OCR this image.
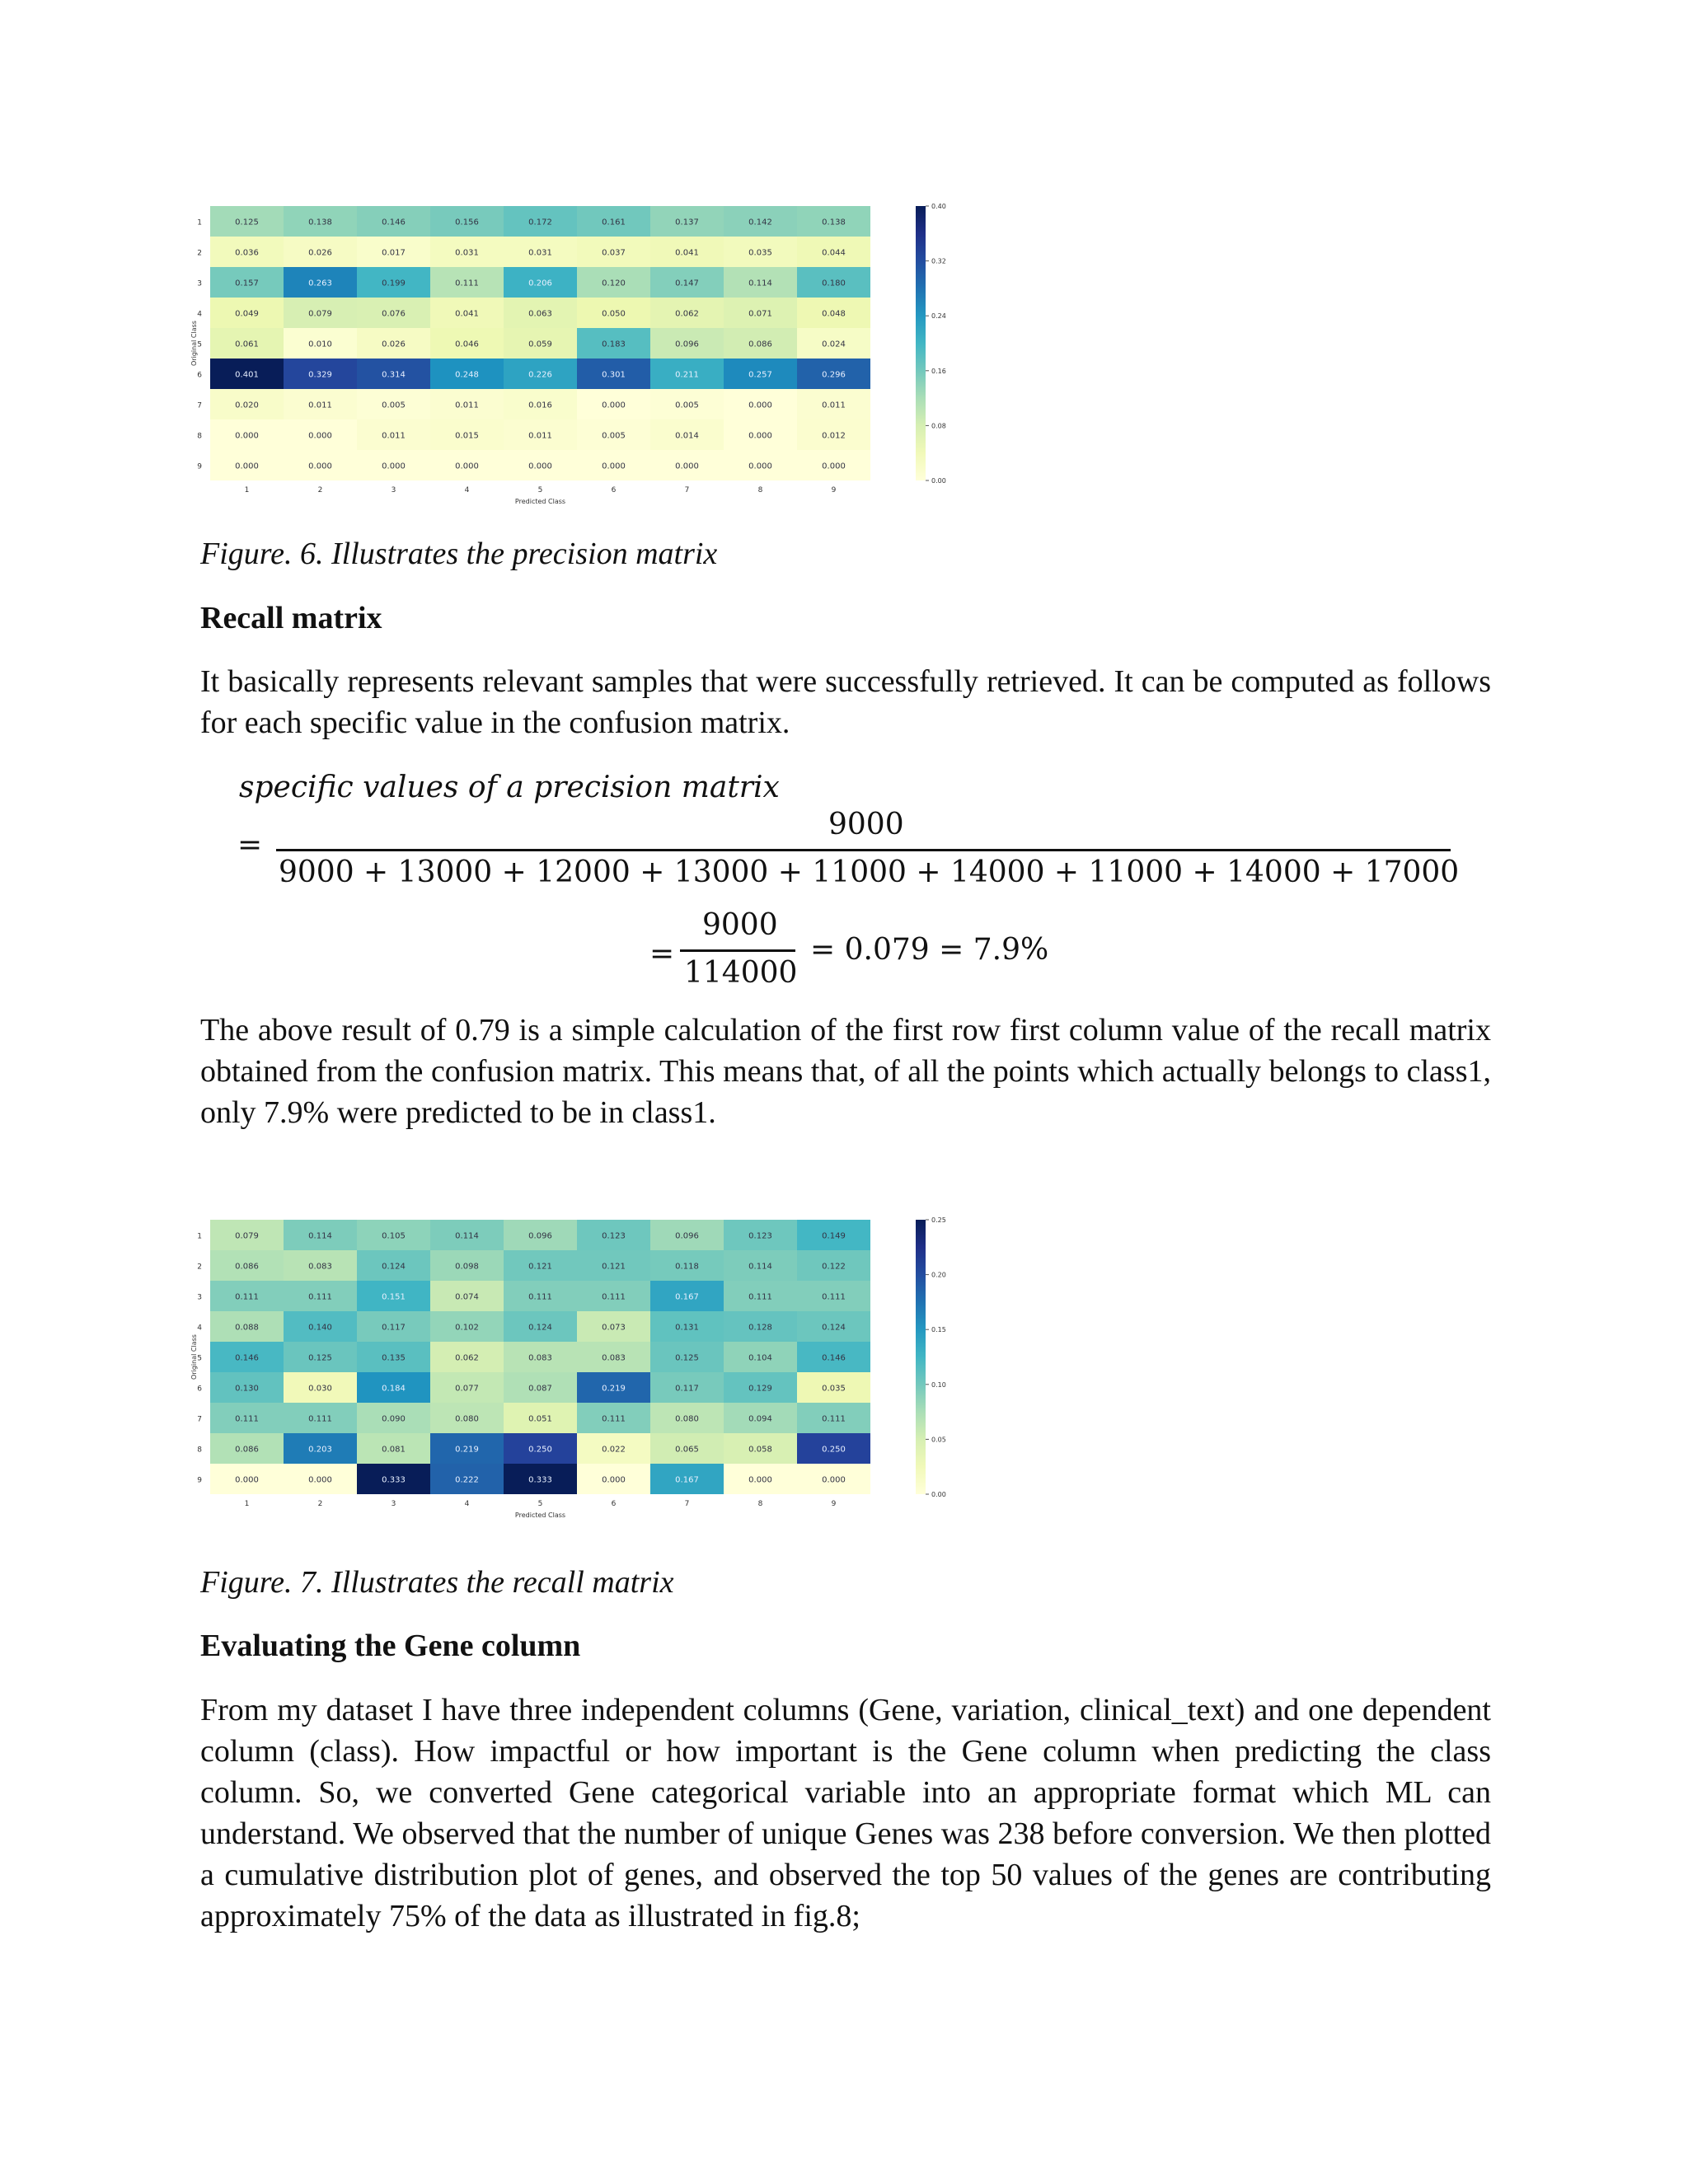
0.125	0.138	0.146	0.156	0.172	0.161	0.137	0.142	0.138
0.036	0.026	0.017	0.031	0.031	0.037	0.041	0.035	0.044
0.157	0.263	0.199	0.111	0.206	0.120	0.147	0.114	0.180
0.049	0.079	0.076	0.041	0.063	0.050	0.062	0.071	0.048
0.061	0.010	0.026	0.046	0.059	0.183	0.096	0.086	0.024
0.401	0.329	0.314	0.248	0.226	0.301	0.211	0.257	0.296
0.020	0.011	0.005	0.011	0.016	0.000	0.005	0.000	0.011
0.000	0.000	0.011	0.015	0.011	0.005	0.014	0.000	0.012
0.000	0.000	0.000	0.000	0.000	0.000	0.000	0.000	0.000
1
2
3
4
5
6
7
8
9
1	2	3	4	5	6	7	8	9
Predicted Class
Original Class
0.40
0.32
0.24
0.16
0.08
0.00
Figure. 6. Illustrates the precision matrix
Recall matrix
It basically represents relevant samples that were successfully retrieved. It can be computed as follows for each specific value in the confusion matrix.
specific values of a precision matrix
=
9000
9000 + 13000 + 12000 + 13000 + 11000 + 14000 + 11000 + 14000 + 17000
=
9000
114000
= 0.079 = 7.9%
The above result of 0.79 is a simple calculation of the first row first column value of the recall matrix obtained from the confusion matrix. This means that, of all the points which actually belongs to class1, only 7.9% were predicted to be in class1.
0.079	0.114	0.105	0.114	0.096	0.123	0.096	0.123	0.149
0.086	0.083	0.124	0.098	0.121	0.121	0.118	0.114	0.122
0.111	0.111	0.151	0.074	0.111	0.111	0.167	0.111	0.111
0.088	0.140	0.117	0.102	0.124	0.073	0.131	0.128	0.124
0.146	0.125	0.135	0.062	0.083	0.083	0.125	0.104	0.146
0.130	0.030	0.184	0.077	0.087	0.219	0.117	0.129	0.035
0.111	0.111	0.090	0.080	0.051	0.111	0.080	0.094	0.111
0.086	0.203	0.081	0.219	0.250	0.022	0.065	0.058	0.250
0.000	0.000	0.333	0.222	0.333	0.000	0.167	0.000	0.000
1
2
3
4
5
6
7
8
9
1	2	3	4	5	6	7	8	9
Predicted Class
Original Class
0.25
0.20
0.15
0.10
0.05
0.00
Figure. 7. Illustrates the recall matrix
Evaluating the Gene column
From my dataset I have three independent columns (Gene, variation, clinical_text) and one dependent column (class). How impactful or how important is the Gene column when predicting the class column. So, we converted Gene categorical variable into an appropriate format which ML can understand. We observed that the number of unique Genes was 238 before conversion. We then plotted a cumulative distribution plot of genes, and observed the top 50 values of the genes are contributing approximately 75% of the data as illustrated in fig.8;
